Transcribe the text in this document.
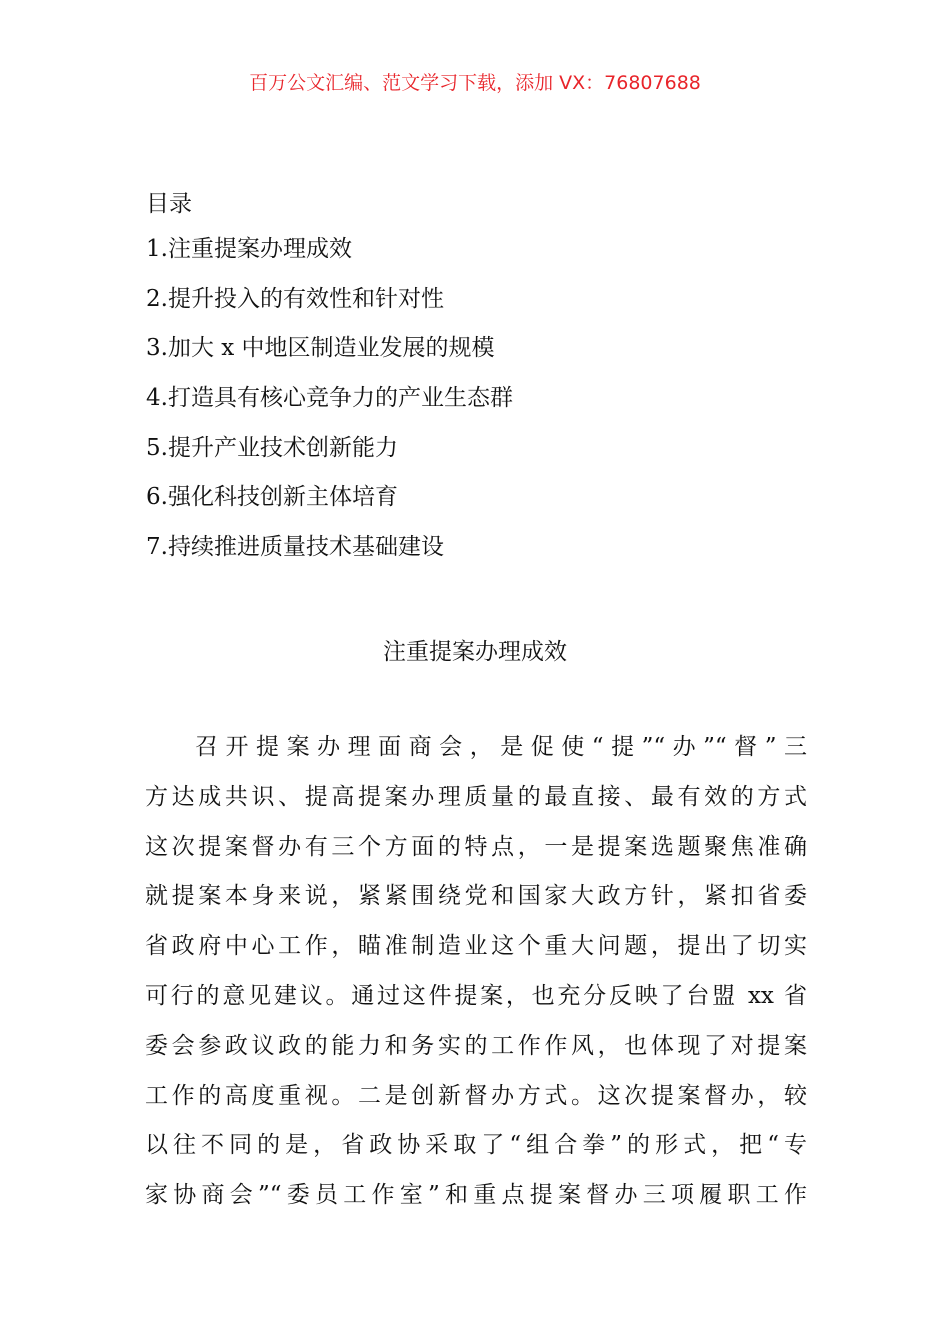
百万公文汇编、范文学习下载，添加 VX：76807688
目录
1.注重提案办理成效
2.提升投入的有效性和针对性
3.加大 x 中地区制造业发展的规模
4.打造具有核心竞争力的产业生态群
5.提升产业技术创新能力
6.强化科技创新主体培育
7.持续推进质量技术基础建设
注重提案办理成效
召开提案办理面商会，是促使“提”“办”“督”三
方达成共识、提高提案办理质量的最直接、最有效的方式
这次提案督办有三个方面的特点，一是提案选题聚焦准确
就提案本身来说，紧紧围绕党和国家大政方针，紧扣省委
省政府中心工作，瞄准制造业这个重大问题，提出了切实
可行的意见建议。通过这件提案，也充分反映了台盟 xx 省
委会参政议政的能力和务实的工作作风，也体现了对提案
工作的高度重视。二是创新督办方式。这次提案督办，较
以往不同的是，省政协采取了“组合拳”的形式，把“专
家协商会”“委员工作室”和重点提案督办三项履职工作
